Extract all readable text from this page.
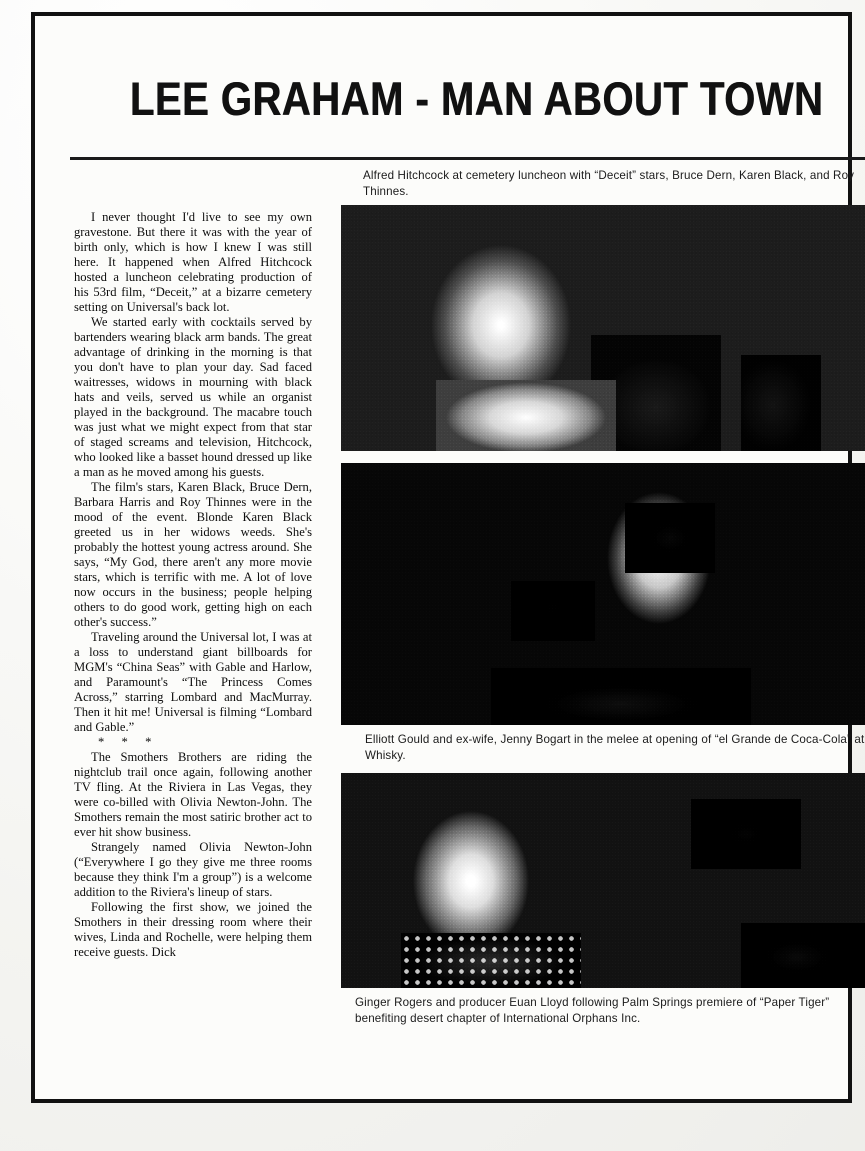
LEE GRAHAM - MAN ABOUT TOWN

I never thought I'd live to see my own gravestone. But there it was with the year of birth only, which is how I knew I was still here. It happened when Alfred Hitchcock hosted a luncheon celebrating production of his 53rd film, “Deceit,” at a bizarre cemetery setting on Universal's back lot.

We started early with cocktails served by bartenders wearing black arm bands. The great advantage of drinking in the morning is that you don't have to plan your day. Sad faced waitresses, widows in mourning with black hats and veils, served us while an organist played in the background. The macabre touch was just what we might expect from that star of staged screams and television, Hitchcock, who looked like a basset hound dressed up like a man as he moved among his guests.

The film's stars, Karen Black, Bruce Dern, Barbara Harris and Roy Thinnes were in the mood of the event. Blonde Karen Black greeted us in her widows weeds. She's probably the hottest young actress around. She says, “My God, there aren't any more movie stars, which is terrific with me. A lot of love now occurs in the business; people helping others to do good work, getting high on each other's success.”

Traveling around the Universal lot, I was at a loss to understand giant billboards for MGM's “China Seas” with Gable and Harlow, and Paramount's “The Princess Comes Across,” starring Lombard and MacMurray. Then it hit me! Universal is filming “Lombard and Gable.”

* * *

The Smothers Brothers are riding the nightclub trail once again, following another TV fling. At the Riviera in Las Vegas, they were co-billed with Olivia Newton-John. The Smothers remain the most satiric brother act to ever hit show business.

Strangely named Olivia Newton-John (“Everywhere I go they give me three rooms because they think I'm a group”) is a welcome addition to the Riviera's lineup of stars.

Following the first show, we joined the Smothers in their dressing room where their wives, Linda and Rochelle, were helping them receive guests. Dick

Alfred Hitchcock at cemetery luncheon with “Deceit” stars, Bruce Dern, Karen Black, and Roy Thinnes.
Elliott Gould and ex-wife, Jenny Bogart in the melee at opening of “el Grande de Coca-Cola” at Whisky.
Ginger Rogers and producer Euan Lloyd following Palm Springs premiere of “Paper Tiger” benefiting desert chapter of International Orphans Inc.
